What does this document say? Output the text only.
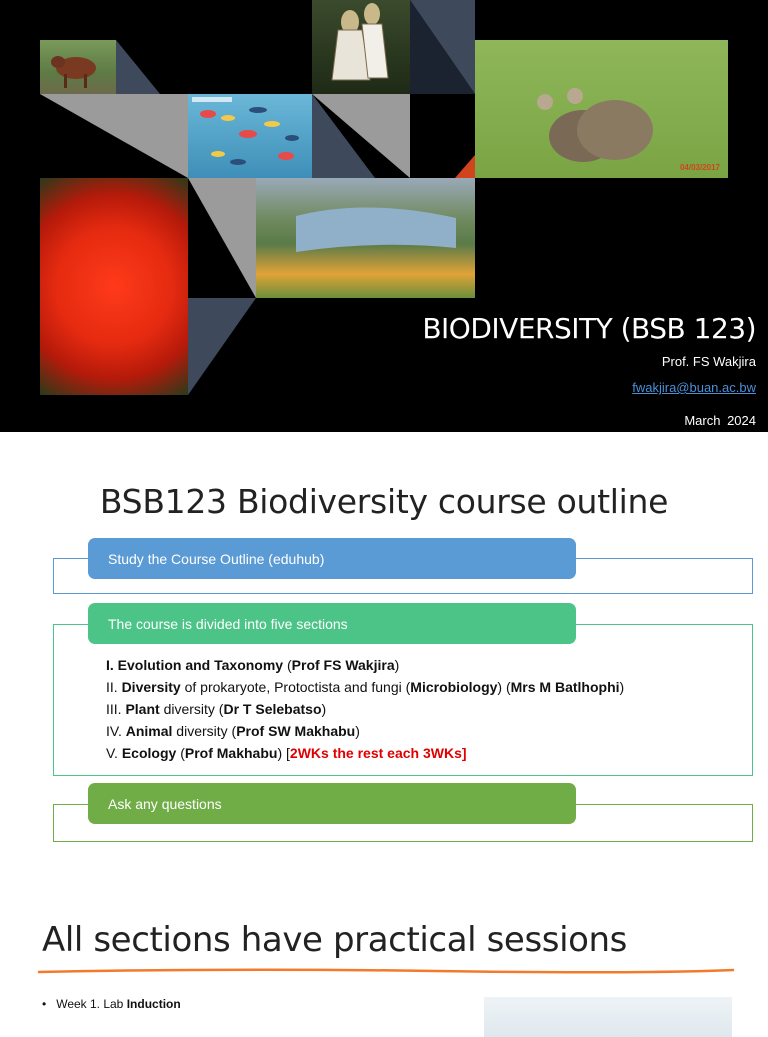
04/03/2017
BIODIVERSITY (BSB 123)
Prof. FS Wakjira
fwakjira@buan.ac.bw
March 2024
BSB123 Biodiversity course outline
Study the Course Outline (eduhub)
The course is divided into five sections
I. Evolution and Taxonomy (Prof FS Wakjira)
II. Diversity of prokaryote, Protoctista and fungi (Microbiology) (Mrs M Batlhophi)
III. Plant diversity (Dr T Selebatso)
IV. Animal diversity (Prof SW Makhabu)
V. Ecology (Prof Makhabu) [2WKs the rest each 3WKs]
Ask any questions
All sections have practical sessions
•   Week 1. Lab Induction
